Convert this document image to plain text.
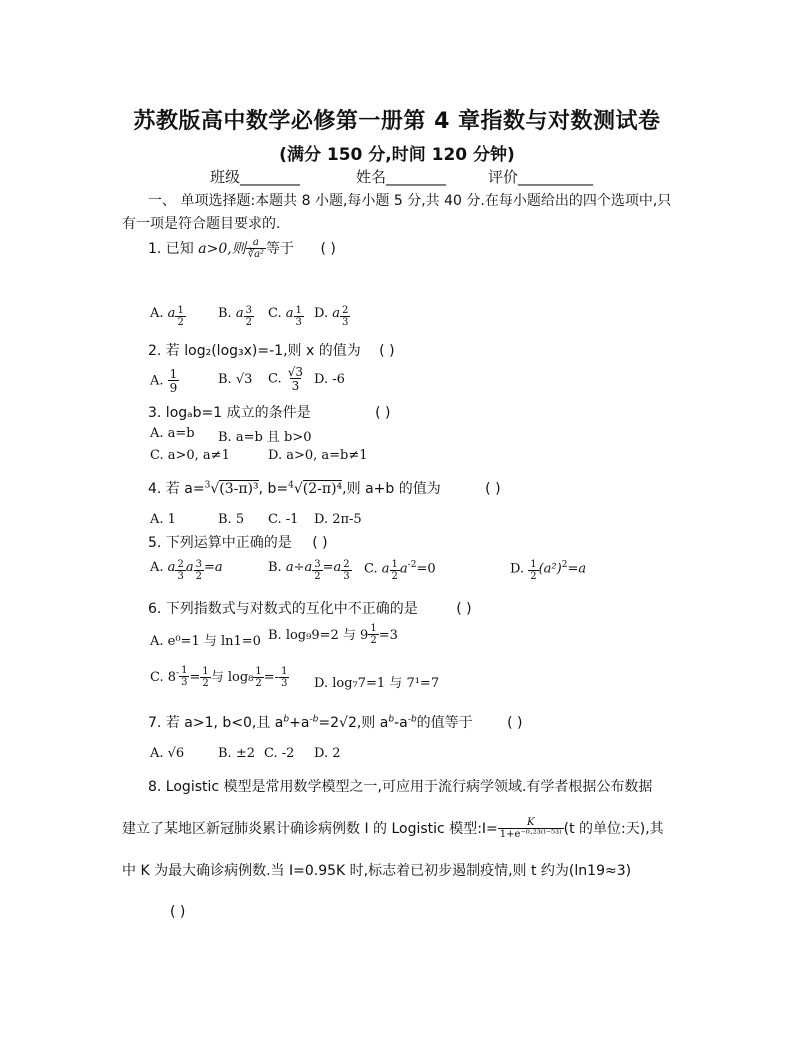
苏教版高中数学必修第一册第 4 章指数与对数测试卷
(满分 150 分,时间 120 分钟)
班级________	姓名________	评价__________
一、 单项选择题:本题共 8 小题,每小题 5 分,共 40 分.在每小题给出的四个选项中,只
有一项是符合题目要求的.
1. 已知 a>0,则 $\frac{a}{\text{∛a²}}$ 等于 ( )
A. a $\frac{1}{2} B$. a $\frac{3}{2} C$. a $\frac{1}{3} D$. a $\frac{2}{3}$
2. 若 log₂(log₃x)=-1,则 x 的值为 ( )
A. $\frac{1}{9}$	B. √3 C. $\frac{√3}{3} D$. -6
3. logₐb=1 成立的条件是	( )
A. a=b B. a=b 且 b>0
C. a>0, a≠1	D. a>0, a=b≠1
4. 若 a=$^3$√(3-π)³, b=$^4$√(2-π)⁴,则 a+b 的值为	( )
A. 1	B. 5 C. -1 D. 2π-5
5. 下列运算中正确的是 ( )
A. a $\frac{2}{3}$ a $\frac{3}{2} =a$	B. $a\div a \frac{3}{2} =a \frac{2}{3} C$. a $\frac{1}{2} a^{-2}=0$	D. $\frac{1}{2} (a^2)^2=a$
6. 下列指数式与对数式的互化中不正确的是	( )
A. e⁰=1 与 ln1=0 B. log₉9=2 与 $9 \frac{1}{2} =3$
C. $8^- \frac{1}{3} = \frac{1}{2}$ 与 $\log_8 \frac{1}{2} =- \frac{1}{3} D$. log₇7=1 与 7¹=7
7. 若 a>1, b<0,且 $a^b+a^{-b}=2√2$,则 $a^b-a^{-b}$的值等于 ( )
A. √6	B. ±2 C. -2 D. 2
8. Logistic 模型是常用数学模型之一,可应用于流行病学领域.有学者根据公布数据
建立了某地区新冠肺炎累计确诊病例数 I 的 Logistic 模型:I= $\frac{K}{\text{1+e⁻⁰·²³⁽ᵗ⁻⁵³⁾}} (t$ 的单位:天),其
中 K 为最大确诊病例数.当 I=0.95K 时,标志着已初步遏制疫情,则 t 约为(ln19≈3)
( )
